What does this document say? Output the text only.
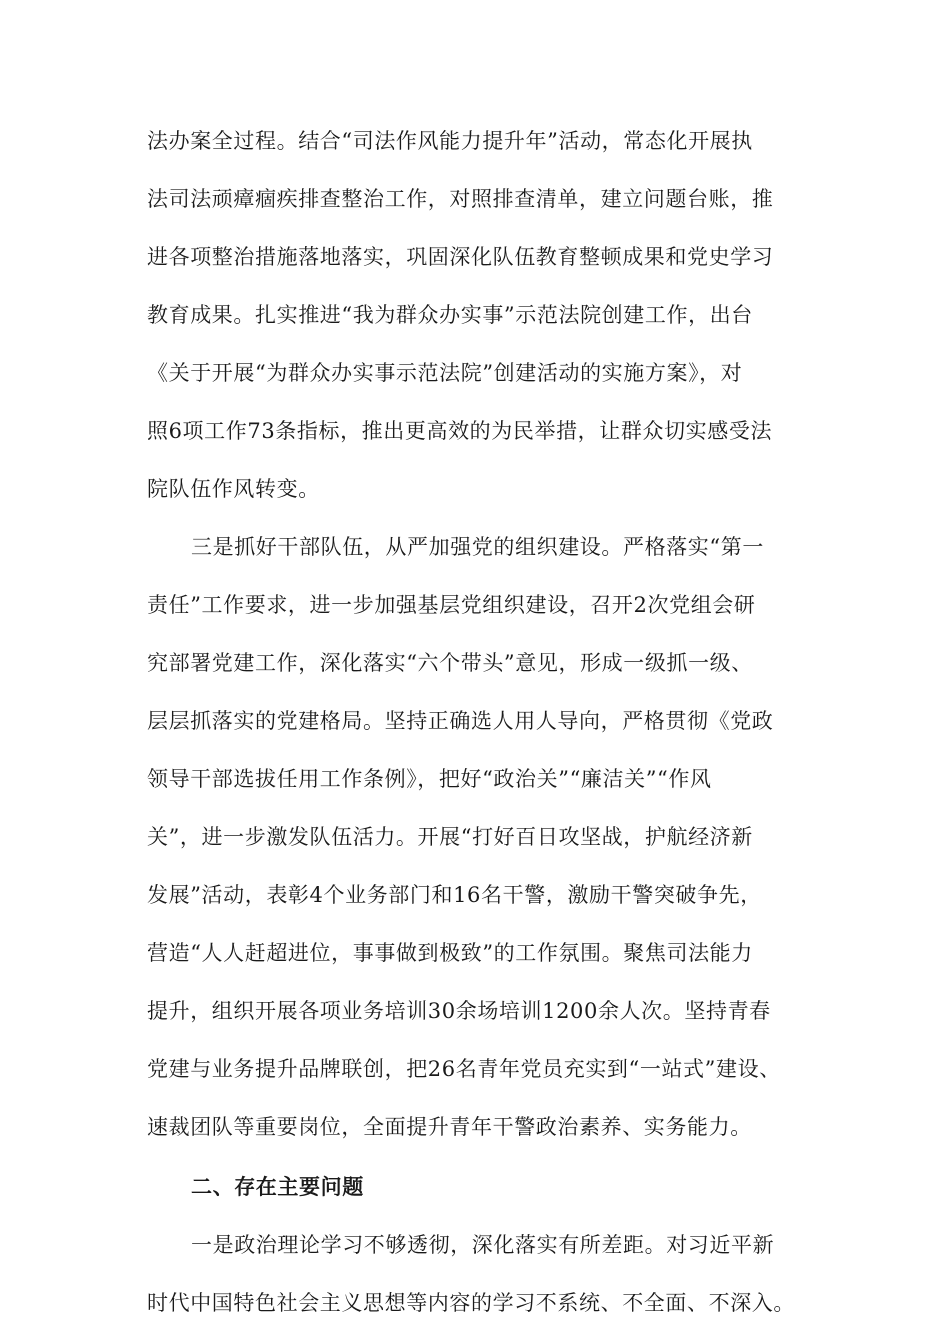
法办案全过程。结合“司法作风能力提升年”活动，常态化开展执
法司法顽瘴痼疾排查整治工作，对照排查清单，建立问题台账，推
进各项整治措施落地落实，巩固深化队伍教育整顿成果和党史学习
教育成果。扎实推进“我为群众办实事”示范法院创建工作，出台
《关于开展“为群众办实事示范法院”创建活动的实施方案》，对
照6项工作73条指标，推出更高效的为民举措，让群众切实感受法
院队伍作风转变。
三是抓好干部队伍，从严加强党的组织建设。严格落实“第一
责任”工作要求，进一步加强基层党组织建设，召开2次党组会研
究部署党建工作，深化落实“六个带头”意见，形成一级抓一级、
层层抓落实的党建格局。坚持正确选人用人导向，严格贯彻《党政
领导干部选拔任用工作条例》，把好“政治关”“廉洁关”“作风
关”，进一步激发队伍活力。开展“打好百日攻坚战，护航经济新
发展”活动，表彰4个业务部门和16名干警，激励干警突破争先，
营造“人人赶超进位，事事做到极致”的工作氛围。聚焦司法能力
提升，组织开展各项业务培训30余场培训1200余人次。坚持青春
党建与业务提升品牌联创，把26名青年党员充实到“一站式”建设、
速裁团队等重要岗位，全面提升青年干警政治素养、实务能力。
二、存在主要问题
一是政治理论学习不够透彻，深化落实有所差距。对习近平新
时代中国特色社会主义思想等内容的学习不系统、不全面、不深入。
